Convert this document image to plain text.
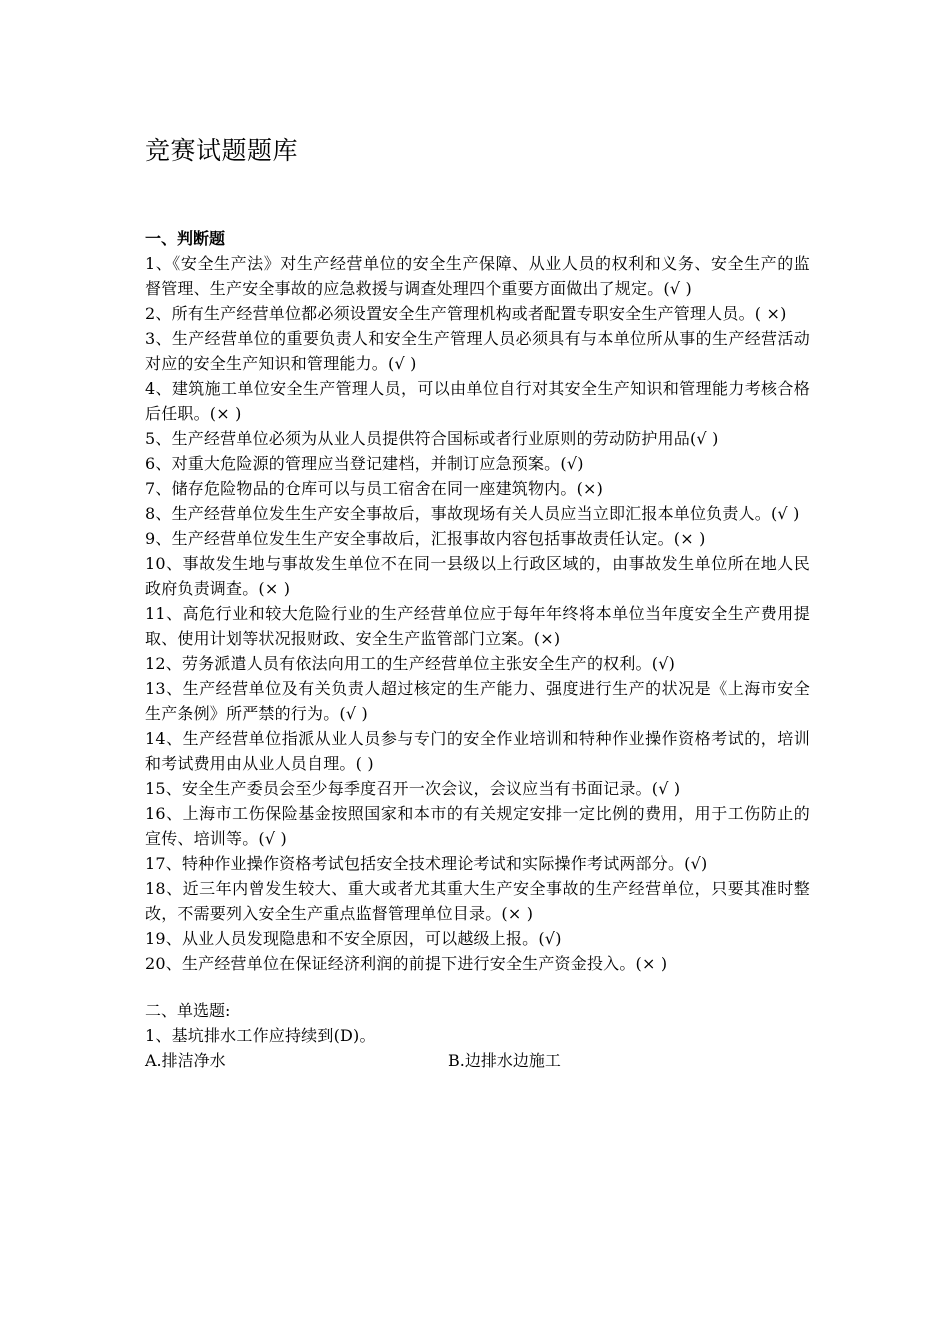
竞赛试题题库
一、判断题
1、《安全生产法》对生产经营单位的安全生产保障、从业人员的权利和义务、安全生产的监督管理、生产安全事故的应急救援与调查处理四个重要方面做出了规定。(√ )
2、所有生产经营单位都必须设置安全生产管理机构或者配置专职安全生产管理人员。( ×)
3、生产经营单位的重要负责人和安全生产管理人员必须具有与本单位所从事的生产经营活动对应的安全生产知识和管理能力。(√ )
4、建筑施工单位安全生产管理人员，可以由单位自行对其安全生产知识和管理能力考核合格后任职。(× )
5、生产经营单位必须为从业人员提供符合国标或者行业原则的劳动防护用品(√ )
6、对重大危险源的管理应当登记建档，并制订应急预案。(√)
7、储存危险物品的仓库可以与员工宿舍在同一座建筑物内。(×)
8、生产经营单位发生生产安全事故后，事故现场有关人员应当立即汇报本单位负责人。(√ )
9、生产经营单位发生生产安全事故后，汇报事故内容包括事故责任认定。(× )
10、事故发生地与事故发生单位不在同一县级以上行政区域的，由事故发生单位所在地人民政府负责调查。(× )
11、高危行业和较大危险行业的生产经营单位应于每年年终将本单位当年度安全生产费用提取、使用计划等状况报财政、安全生产监管部门立案。(×)
12、劳务派遣人员有依法向用工的生产经营单位主张安全生产的权利。(√)
13、生产经营单位及有关负责人超过核定的生产能力、强度进行生产的状况是《上海市安全生产条例》所严禁的行为。(√ )
14、生产经营单位指派从业人员参与专门的安全作业培训和特种作业操作资格考试的，培训和考试费用由从业人员自理。( )
15、安全生产委员会至少每季度召开一次会议，会议应当有书面记录。(√ )
16、上海市工伤保险基金按照国家和本市的有关规定安排一定比例的费用，用于工伤防止的宣传、培训等。(√ )
17、特种作业操作资格考试包括安全技术理论考试和实际操作考试两部分。(√)
18、近三年内曾发生较大、重大或者尤其重大生产安全事故的生产经营单位，只要其准时整改，不需要列入安全生产重点监督管理单位目录。(× )
19、从业人员发现隐患和不安全原因，可以越级上报。(√)
20、生产经营单位在保证经济利润的前提下进行安全生产资金投入。(× )
二、单选题:
1、基坑排水工作应持续到(D)。
A.排洁净水	B.边排水边施工
